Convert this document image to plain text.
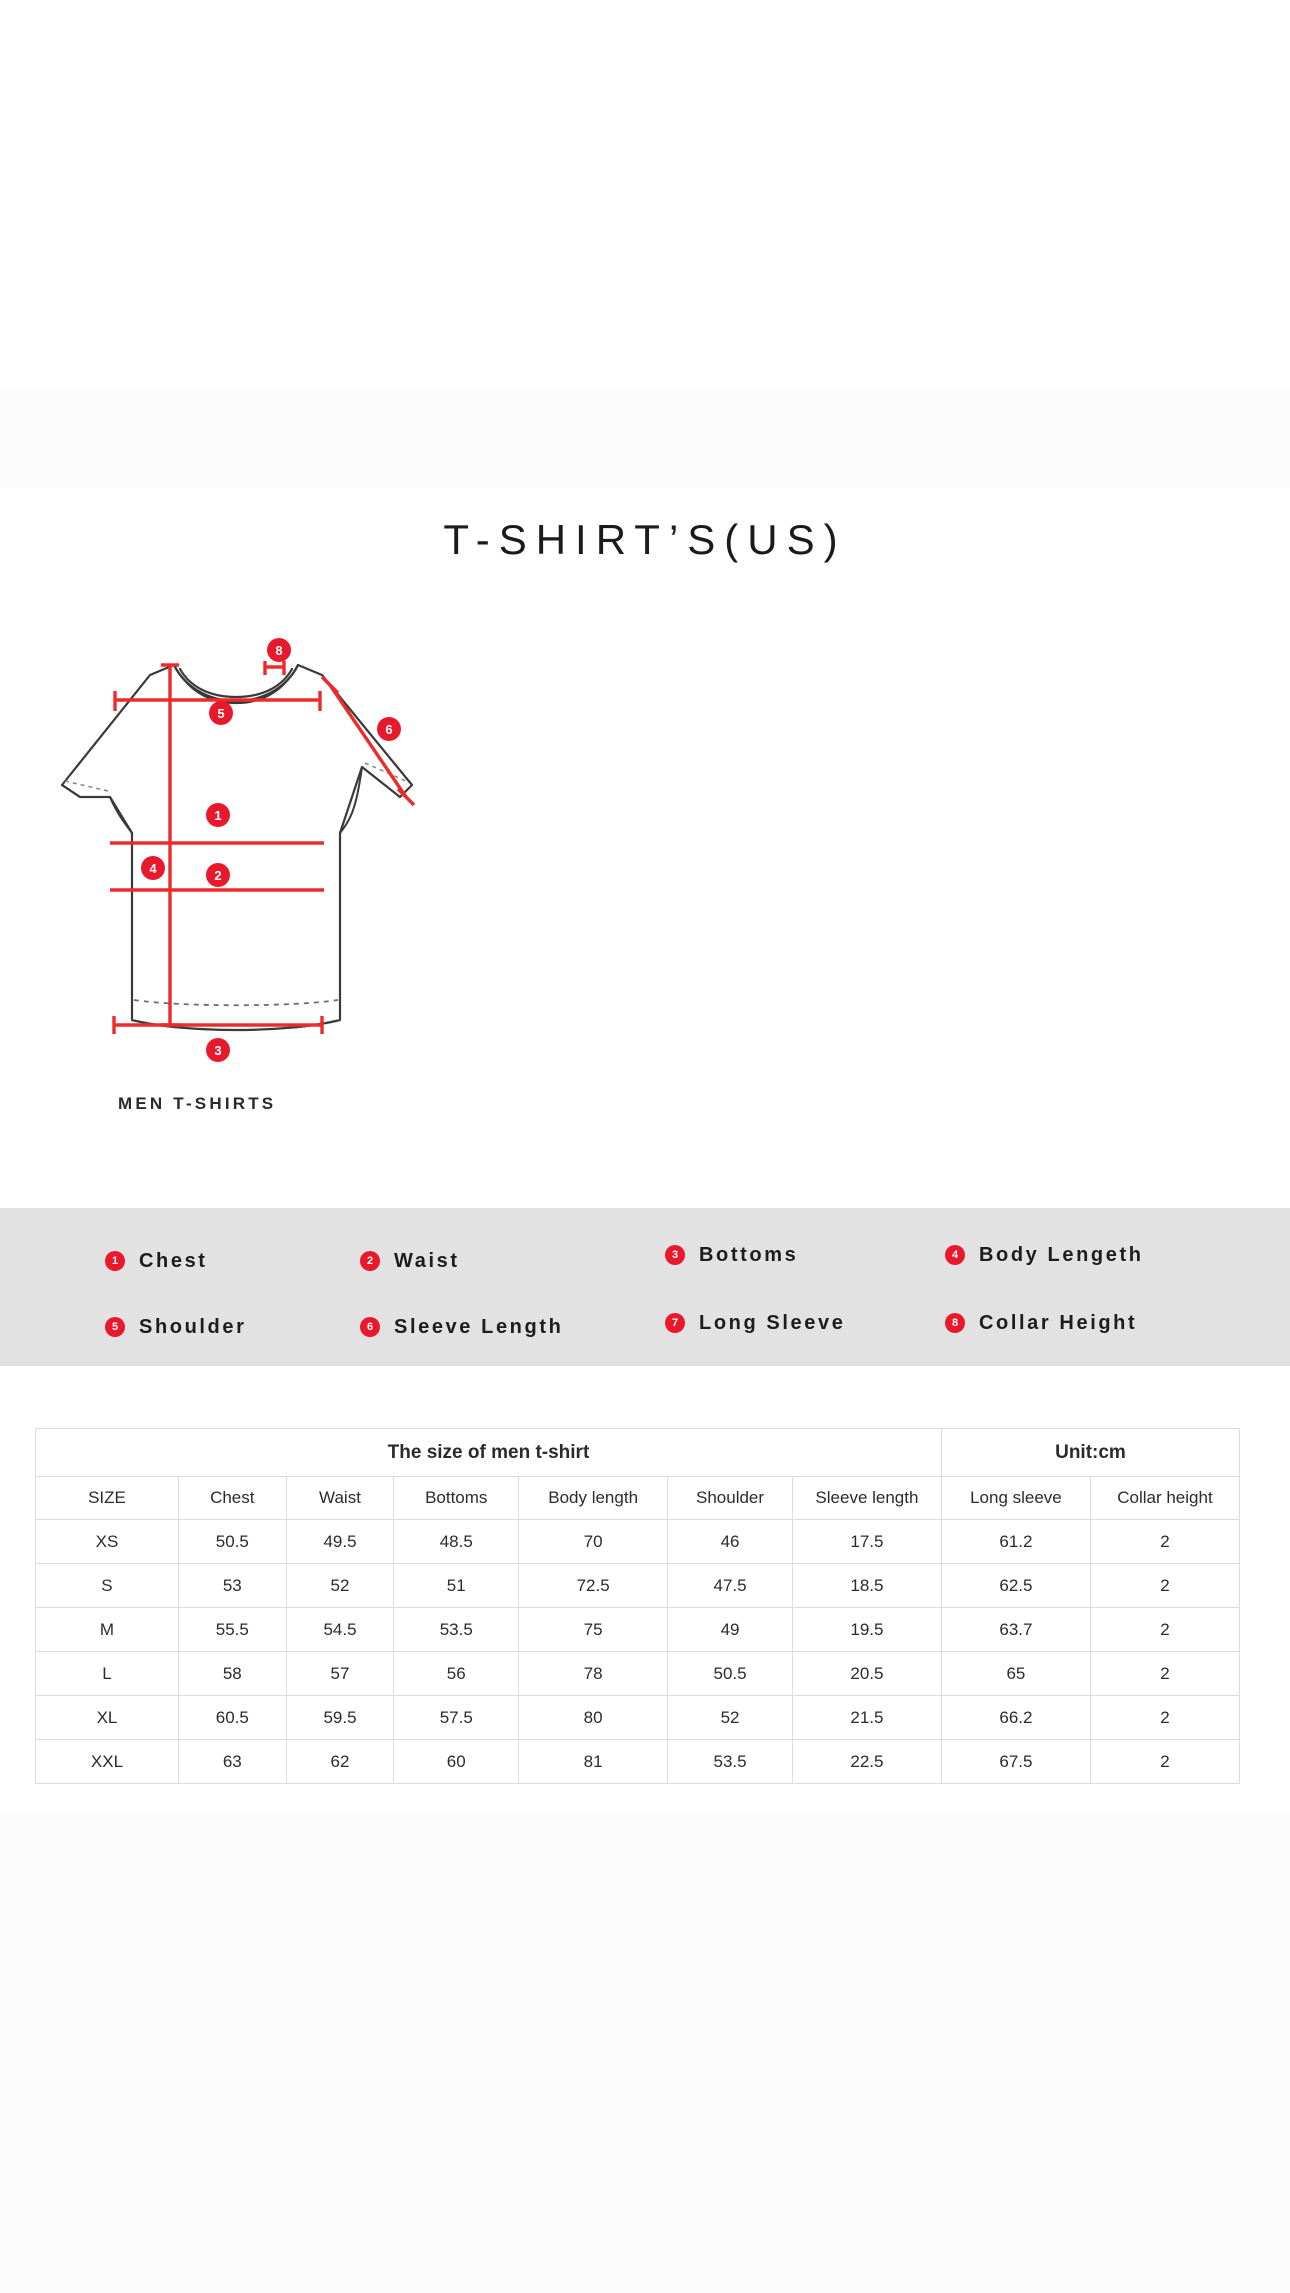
T-SHIRT’S(US)
1
2
3
4
5
6
8
MEN T-SHIRTS
1	Chest	2	Waist	3	Bottoms	4	Body Lengeth
5	Shoulder	6	Sleeve Length	7	Long Sleeve	8	Collar Height
The size of men t-shirt							Unit:cm	
SIZE	Chest	Waist	Bottoms	Body length	Shoulder	Sleeve length	Long sleeve	Collar height
XS	50.5	49.5	48.5	70	46	17.5	61.2	2
S	53	52	51	72.5	47.5	18.5	62.5	2
M	55.5	54.5	53.5	75	49	19.5	63.7	2
L	58	57	56	78	50.5	20.5	65	2
XL	60.5	59.5	57.5	80	52	21.5	66.2	2
XXL	63	62	60	81	53.5	22.5	67.5	2
